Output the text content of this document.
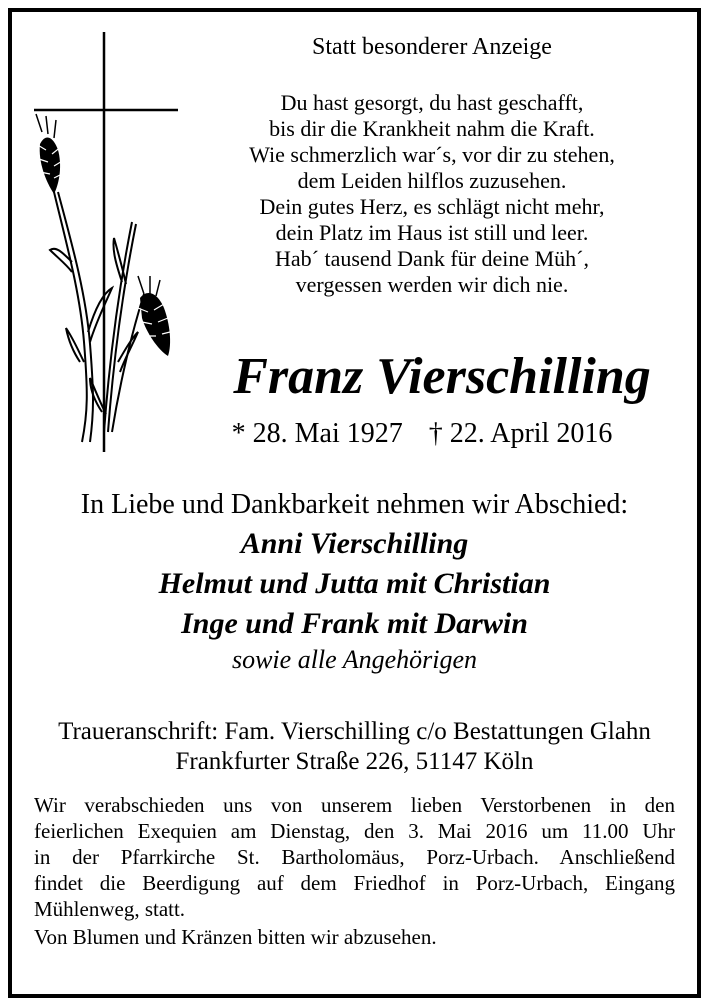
Statt besonderer Anzeige
Du hast gesorgt, du hast geschafft,
bis dir die Krankheit nahm die Kraft.
Wie schmerzlich war´s, vor dir zu stehen,
dem Leiden hilflos zuzusehen.
Dein gutes Herz, es schlägt nicht mehr,
dein Platz im Haus ist still und leer.
Hab´ tausend Dank für deine Müh´,
vergessen werden wir dich nie.
Franz Vierschilling
* 28. Mai 1927 † 22. April 2016
In Liebe und Dankbarkeit nehmen wir Abschied:
Anni Vierschilling
Helmut und Jutta mit Christian
Inge und Frank mit Darwin
sowie alle Angehörigen
Traueranschrift: Fam. Vierschilling c/o Bestattungen Glahn
Frankfurter Straße 226, 51147 Köln
Wir verabschieden uns von unserem lieben Verstorbenen in den
feierlichen Exequien am Dienstag, den 3. Mai 2016 um 11.00 Uhr
in der Pfarrkirche St. Bartholomäus, Porz-Urbach. Anschließend
findet die Beerdigung auf dem Friedhof in Porz-Urbach, Eingang
Mühlenweg, statt.
Von Blumen und Kränzen bitten wir abzusehen.
